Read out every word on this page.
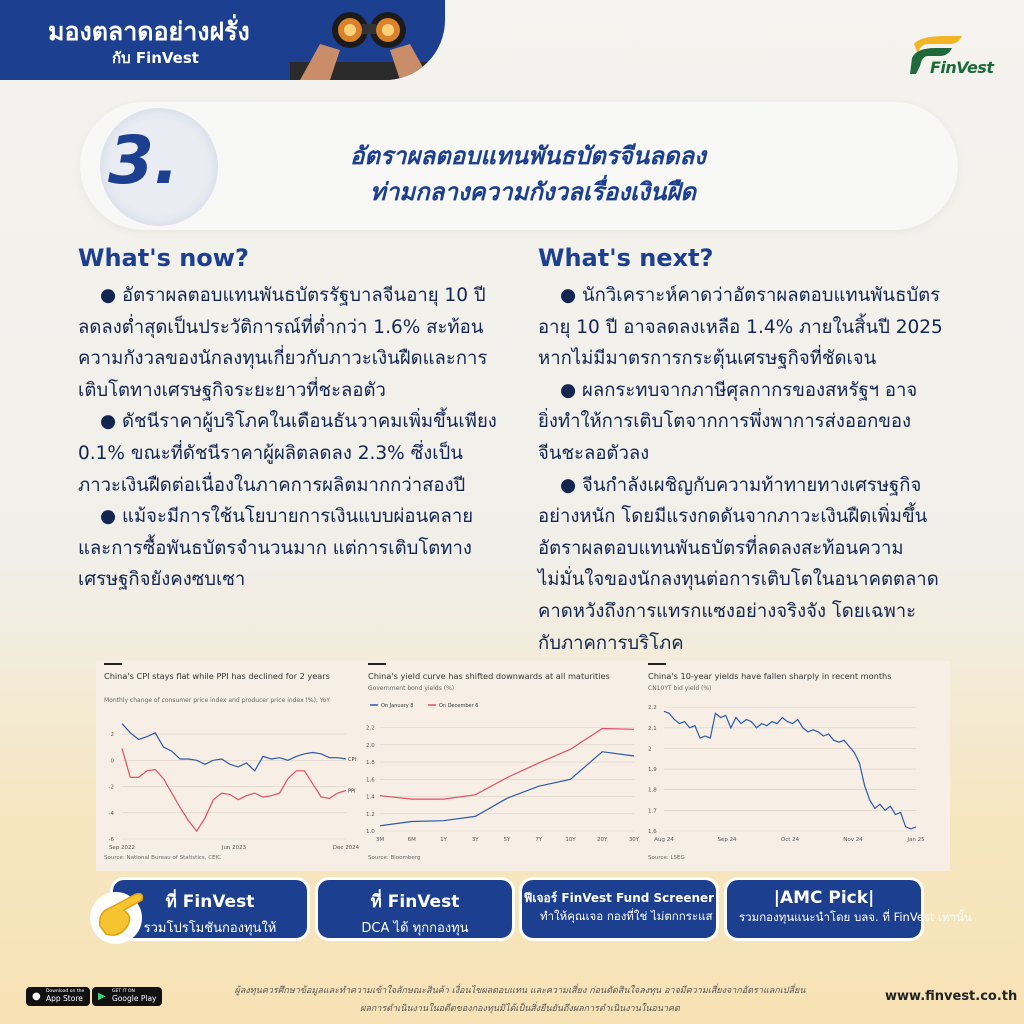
มองตลาดอย่างฝรั่ง
กับ FinVest	FinVest
3.	อัตราผลตอบแทนพันธบัตรจีนลดลง
ท่ามกลางความกังวลเรื่องเงินฝืด
What's now?

● อัตราผลตอบแทนพันธบัตรรัฐบาลจีนอายุ 10 ปี

ลดลงต่ำสุดเป็นประวัติการณ์ที่ต่ำกว่า 1.6% สะท้อน

ความกังวลของนักลงทุนเกี่ยวกับภาวะเงินฝืดและการ

เติบโตทางเศรษฐกิจระยะยาวที่ชะลอตัว

● ดัชนีราคาผู้บริโภคในเดือนธันวาคมเพิ่มขึ้นเพียง

0.1% ขณะที่ดัชนีราคาผู้ผลิตลดลง 2.3% ซึ่งเป็น

ภาวะเงินฝืดต่อเนื่องในภาคการผลิตมากกว่าสองปี

● แม้จะมีการใช้นโยบายการเงินแบบผ่อนคลาย

และการซื้อพันธบัตรจำนวนมาก แต่การเติบโตทาง

เศรษฐกิจยังคงซบเซา

What's next?

● นักวิเคราะห์คาดว่าอัตราผลตอบแทนพันธบัตร

อายุ 10 ปี อาจลดลงเหลือ 1.4% ภายในสิ้นปี 2025

หากไม่มีมาตรการกระตุ้นเศรษฐกิจที่ชัดเจน

● ผลกระทบจากภาษีศุลกากรของสหรัฐฯ อาจ

ยิ่งทำให้การเติบโตจากการพึ่งพาการส่งออกของ

จีนชะลอตัวลง

● จีนกำลังเผชิญกับความท้าทายทางเศรษฐกิจ

อย่างหนัก โดยมีแรงกดดันจากภาวะเงินฝืดเพิ่มขึ้น

อัตราผลตอบแทนพันธบัตรที่ลดลงสะท้อนความ

ไม่มั่นใจของนักลงทุนต่อการเติบโตในอนาคตตลาด

คาดหวังถึงการแทรกแซงอย่างจริงจัง โดยเฉพาะ

กับภาคการบริโภค

China's CPI stays flat while PPI has declined for 2 years
Monthly change of consumer price index and producer price index (%), YoY
2
0
-2
-4
-6
Sep 2022	Jun 2023	Dec 2024
CPI
PPI
Source: National Bureau of Statistics, CEIC
China's yield curve has shifted downwards at all maturities
Government bond yields (%)
2.2
2.0
1.8
1.6
1.4
1.2
1.0
3M	6M	1Y	3Y	5Y	7Y	10Y	20Y	30Y
On January 8	On December 6
Source: Bloomberg
China's 10-year yields have fallen sharply in recent months
CN10YT bid yield (%)
2.2
2.1
2
1.9
1.8
1.7
1.6
Aug 24	Sep 24	Oct 24	Nov 24	Jan 25
Source: LSEG
ที่ FinVest
รวมโปรโมชันกองทุนให้
ที่ FinVest
DCA ได้ ทุกกองทุน
ฟีเจอร์ FinVest Fund Screener
ทำให้คุณเจอ กองที่ใช่ ไม่ตกกระแส
|AMC Pick|
รวมกองทุนแนะนำโดย บลจ. ที่ FinVest เท่านั้น
● Download on the
App Store	▶ GET IT ON
Google Play
ผู้ลงทุนควรศึกษาข้อมูลและทำความเข้าใจลักษณะสินค้า เงื่อนไขผลตอบแทน และความเสี่ยง ก่อนตัดสินใจลงทุน อาจมีความเสี่ยงจากอัตราแลกเปลี่ยน
ผลการดำเนินงานในอดีตของกองทุนมิได้เป็นสิ่งยืนยันถึงผลการดำเนินงานในอนาคต
www.finvest.co.th
